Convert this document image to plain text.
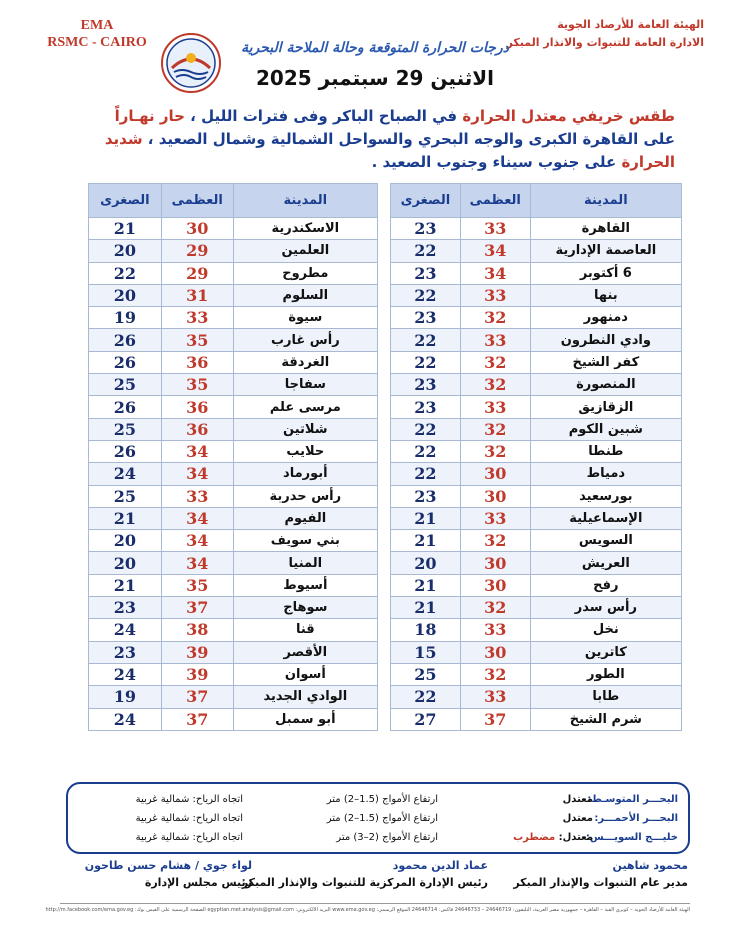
EMA
RSMC - CAIRO
الهيئة العامة للأرصاد الجوية
الادارة العامة للتنبوات والانذار المبكر
درجات الحرارة المتوقعة وحالة الملاحة البحرية
الاثنين 29 سبتمبر 2025
طقس خريفي معتدل الحرارة في الصباح الباكر وفى فترات الليل ، حار نهـاراً على القاهرة الكبرى والوجه البحري والسواحل الشمالية وشمال الصعيد ، شديد الحرارة على جنوب سيناء وجنوب الصعيد .
المدينة	العظمى	الصغرى
القاهرة	33	23
العاصمة الإدارية	34	22
6 أكتوبر	34	23
بنها	33	22
دمنهور	32	23
وادي النطرون	33	22
كفر الشيخ	32	22
المنصورة	32	23
الزقازيق	33	23
شبين الكوم	32	22
طنطا	32	22
دمياط	30	22
بورسعيد	30	23
الإسماعيلية	33	21
السويس	32	21
العريش	30	20
رفح	30	21
رأس سدر	32	21
نخل	33	18
كاترين	30	15
الطور	32	25
طابا	33	22
شرم الشيخ	37	27
المدينة	العظمى	الصغرى
الاسكندرية	30	21
العلمين	29	20
مطروح	29	22
السلوم	31	20
سيوة	33	19
رأس غارب	35	26
الغردقة	36	26
سفاجا	35	25
مرسى علم	36	26
شلاتين	36	25
حلايب	34	26
أبورماد	34	24
رأس حدربة	33	25
الفيوم	34	21
بني سويف	34	20
المنيا	34	20
أسيوط	35	21
سوهاج	37	23
قنا	38	24
الأقصر	39	23
أسوان	39	24
الوادي الجديد	37	19
أبو سمبل	37	24
البحـــر المتوسـط:
معتدل
ارتفاع الأمواج (1.5–2) متر
اتجاه الرياح: شمالية غربية
البحـــر الأحمـــر:
معتدل
ارتفاع الأمواج (1.5–2) متر
اتجاه الرياح: شمالية غربية
خليـــج السويـــس:
معتدل: مضطرب
ارتفاع الأمواج (2–3) متر
اتجاه الرياح: شمالية غربية
محمود شاهين
مدير عام التنبوات والإنذار المبكر
عماد الدين محمود
رئيس الإدارة المركزية للتنبوات والإنذار المبكر
لواء جوي / هشام حسن طاحون
رئيس مجلس الإدارة
الهيئة العامة للأرصاد الجوية – كوبري القبة – القاهرة – جمهورية مصر العربية، التليفون: 24646719 – 24646733 فاكس: 24646714 الموقع الرسمي: www.ema.gov.eg البريد الالكتروني: egyptian.met.analysis@gmail.com الصفحة الرسمية على الفيس بوك: http://m.facebook.com/ema.gov.eg
